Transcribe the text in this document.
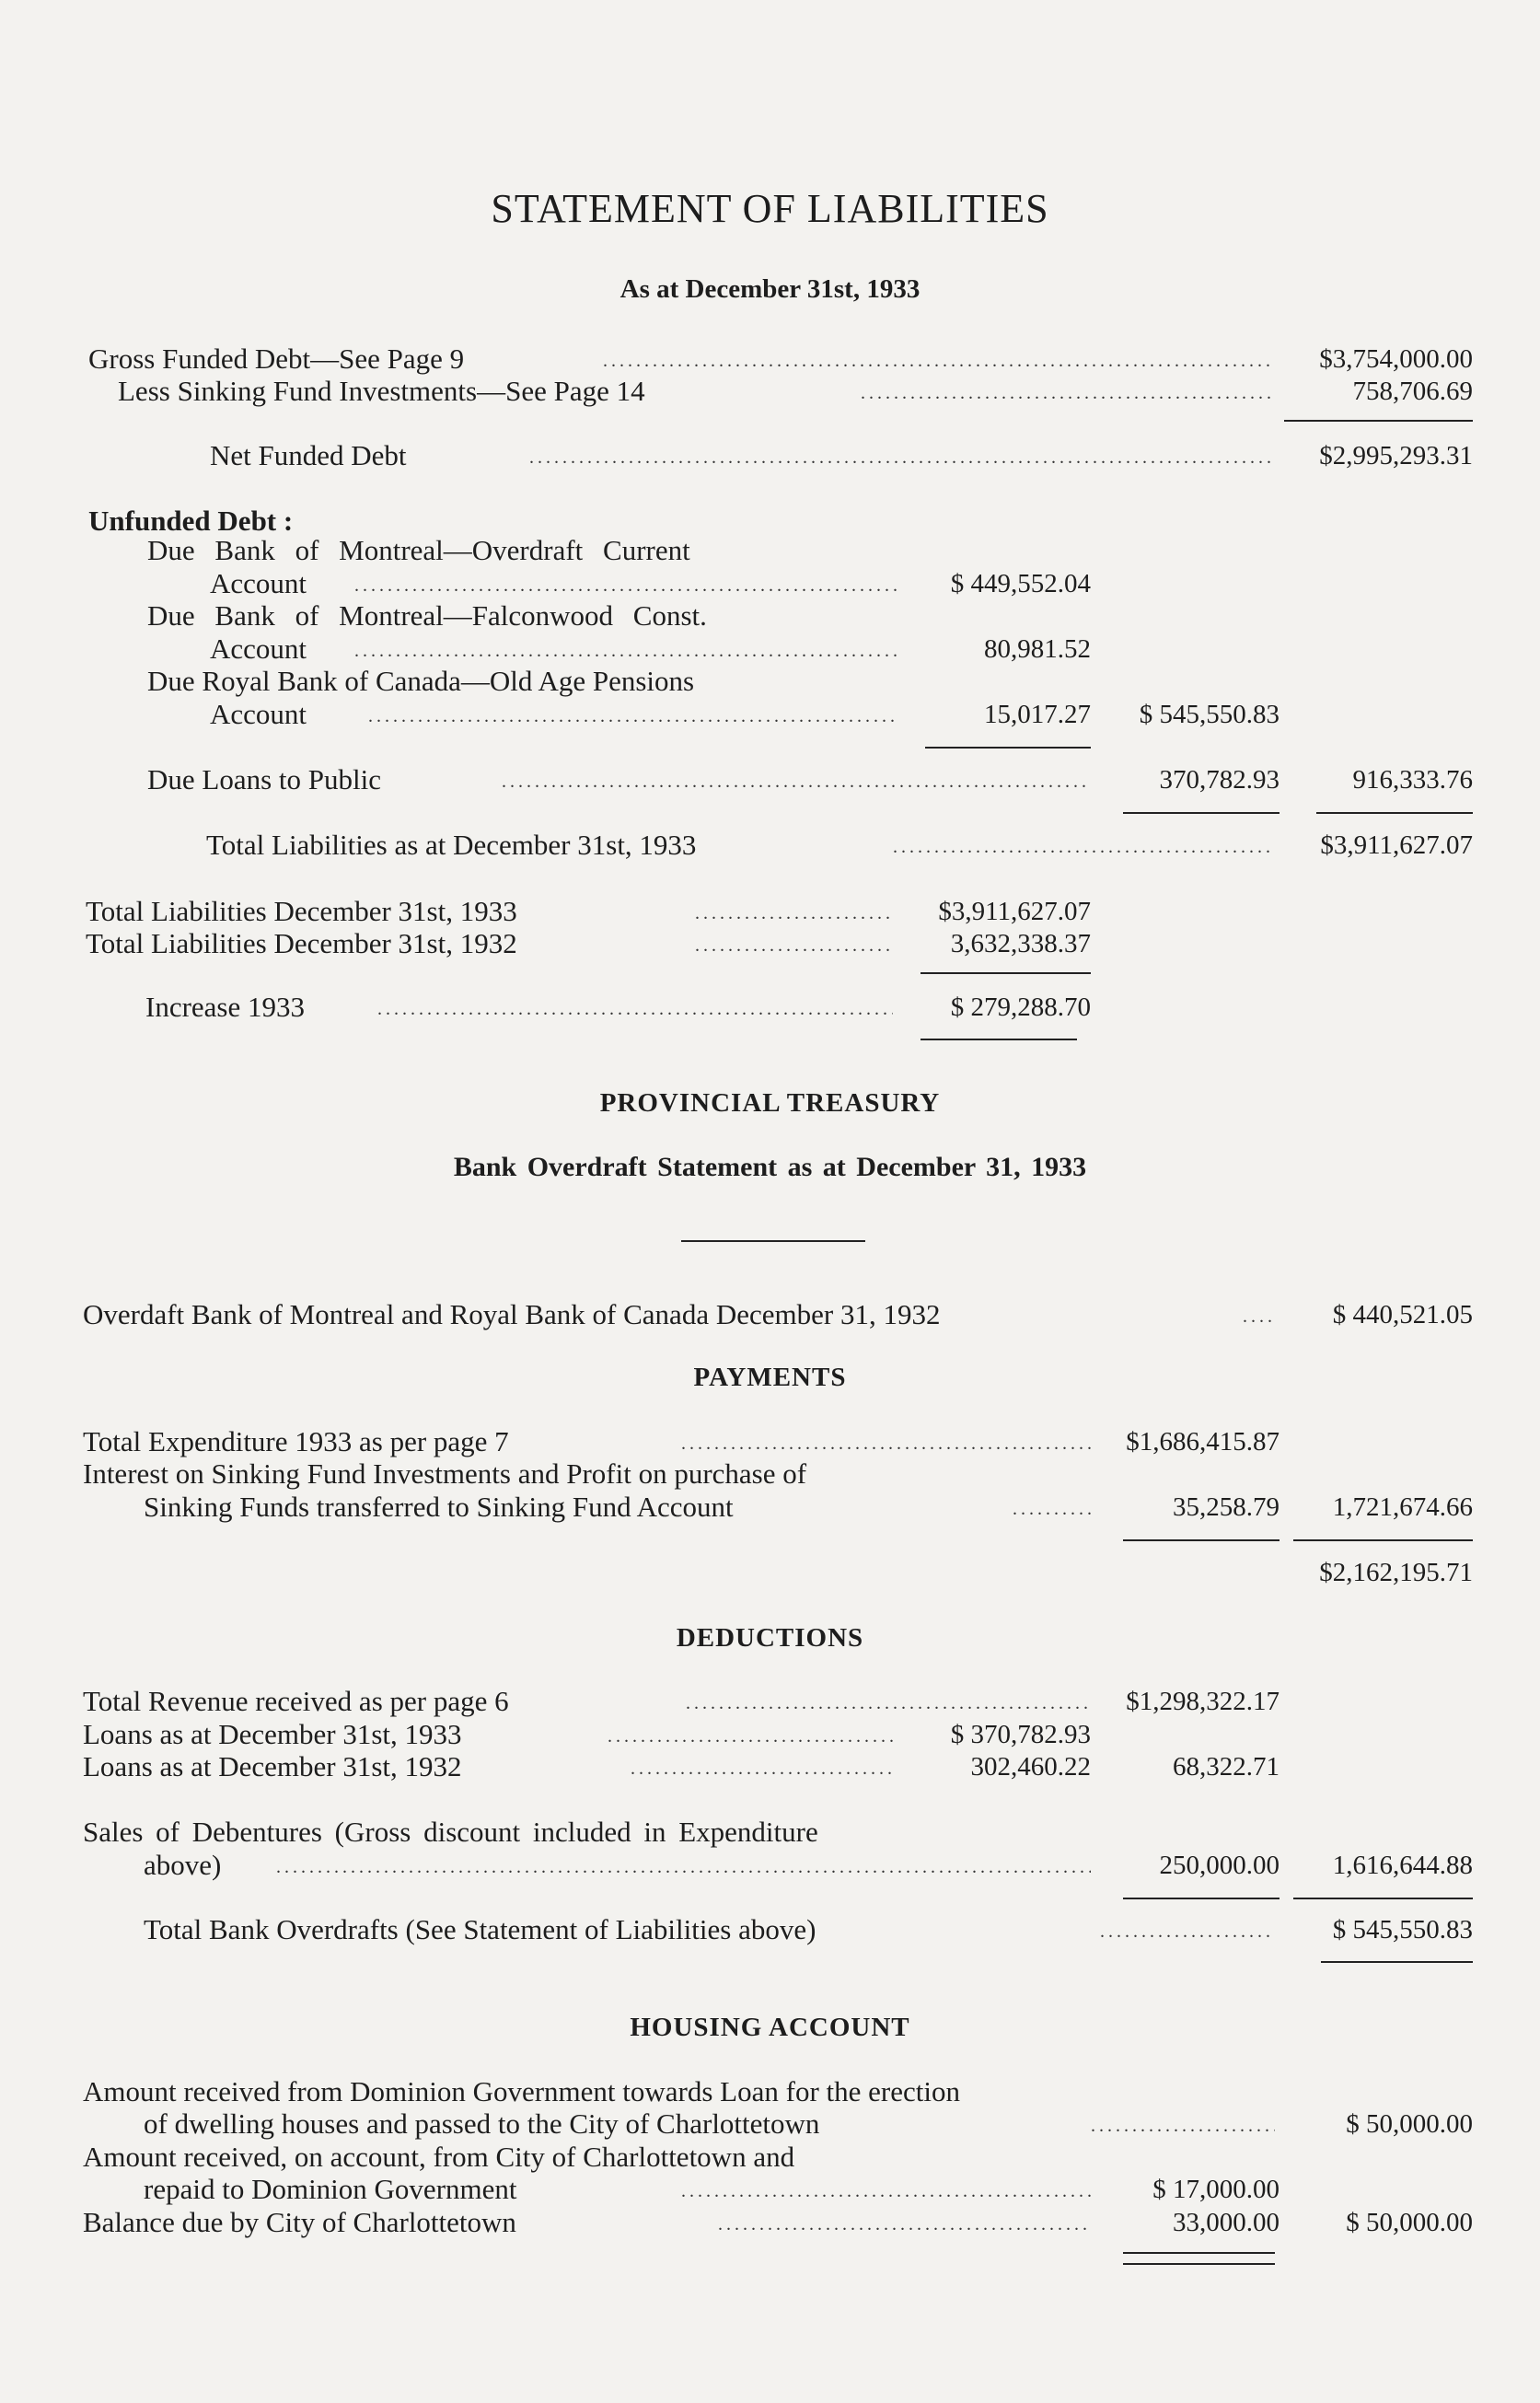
STATEMENT OF LIABILITIES
As at December 31st, 1933
Gross Funded Debt—See Page 9 .....	$3,754,000.00
Less Sinking Fund Investments—See Page 14 .....	758,706.69
Net Funded Debt .....	$2,995,293.31
Unfunded Debt :
Due Bank of Montreal—Overdraft Current
Account .....	$ 449,552.04
Due Bank of Montreal—Falconwood Const.
Account .....	80,981.52
Due Royal Bank of Canada—Old Age Pensions
Account .....	15,017.27	$ 545,550.83
Due Loans to Public .....	370,782.93	916,333.76
Total Liabilities as at December 31st, 1933 .....	$3,911,627.07
Total Liabilities December 31st, 1933 .....	$3,911,627.07
Total Liabilities December 31st, 1932 .....	3,632,338.37
Increase 1933 .....	$ 279,288.70
PROVINCIAL TREASURY
Bank Overdraft Statement as at December 31, 1933
Overdaft Bank of Montreal and Royal Bank of Canada December 31, 1932 .....	$ 440,521.05
PAYMENTS
Total Expenditure 1933 as per page 7 .....	$1,686,415.87
Interest on Sinking Fund Investments and Profit on purchase of
Sinking Funds transferred to Sinking Fund Account .....	35,258.79	1,721,674.66
$2,162,195.71
DEDUCTIONS
Total Revenue received as per page 6 .....	$1,298,322.17
Loans as at December 31st, 1933 .....	$ 370,782.93
Loans as at December 31st, 1932 .....	302,460.22	68,322.71
Sales of Debentures (Gross discount included in Expenditure
above) .....	250,000.00	1,616,644.88
Total Bank Overdrafts (See Statement of Liabilities above) .....	$ 545,550.83
HOUSING ACCOUNT
Amount received from Dominion Government towards Loan for the erection
of dwelling houses and passed to the City of Charlottetown .....	$ 50,000.00
Amount received, on account, from City of Charlottetown and
repaid to Dominion Government .....	$ 17,000.00
Balance due by City of Charlottetown .....	33,000.00	$ 50,000.00
